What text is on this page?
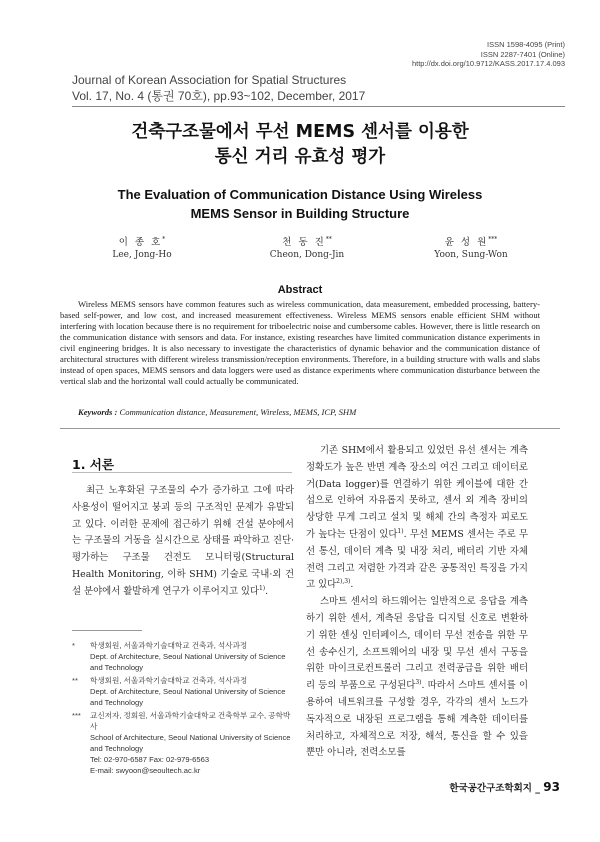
ISSN 1598-4095 (Print)
ISSN 2287-7401 (Online)
http://dx.doi.org/10.9712/KASS.2017.17.4.093
Journal of Korean Association for Spatial Structures
Vol. 17, No. 4 (통권 70호), pp.93~102, December, 2017
건축구조물에서 무선 MEMS 센서를 이용한
통신 거리 유효성 평가
The Evaluation of Communication Distance Using Wireless
MEMS Sensor in Building Structure
이 종 호*
Lee, Jong-Ho
천 동 진**
Cheon, Dong-Jin
윤 성 원***
Yoon, Sung-Won
Abstract
Wireless MEMS sensors have common features such as wireless communication, data measurement, embedded processing, battery-based self-power, and low cost, and increased measurement effectiveness. Wireless MEMS sensors enable efficient SHM without interfering with location because there is no requirement for triboelectric noise and cumbersome cables. However, there is little research on the communication distance with sensors and data. For instance, existing researches have limited communication distance experiments in civil engineering bridges. It is also necessary to investigate the characteristics of dynamic behavior and the communication distance of architectural structures with different wireless transmission/reception environments. Therefore, in a building structure with walls and slabs instead of open spaces, MEMS sensors and data loggers were used as distance experiments where communication disturbance between the vertical slab and the horizontal wall could actually be communicated.
Keywords : Communication distance, Measurement, Wireless, MEMS, ICP, SHM
1. 서론

최근 노후화된 구조물의 수가 증가하고 그에 따라 사용성이 떨어지고 붕괴 등의 구조적인 문제가 유발되고 있다. 이러한 문제에 접근하기 위해 건설 분야에서는 구조물의 거동을 실시간으로 상태를 파악하고 진단·평가하는 구조물 건전도 모니터링(Structural Health Monitoring, 이하 SHM) 기술로 국내·외 건설 분야에서 활발하게 연구가 이루어지고 있다$^{1)}$.

* 학생회원, 서울과학기술대학교 건축과, 석사과정
Dept. of Architecture, Seoul National University of Science and Technology
** 학생회원, 서울과학기술대학교 건축과, 석사과정
Dept. of Architecture, Seoul National University of Science and Technology
*** 교신저자, 정회원, 서울과학기술대학교 건축학부 교수, 공학박사
School of Architecture, Seoul National University of Science and Technology
Tel: 02-970-6587 Fax: 02-979-6563
E-mail: swyoon@seoultech.ac.kr

기존 SHM에서 활용되고 있었던 유선 센서는 계측 정확도가 높은 반면 계측 장소의 여건 그리고 데이터로거(Data logger)를 연결하기 위한 케이블에 대한 간섭으로 인하여 자유롭지 못하고, 센서 외 계측 장비의 상당한 무게 그리고 설치 및 해체 간의 측정자 피로도가 높다는 단점이 있다$^{1)}$. 무선 MEMS 센서는 주로 무선 통신, 데이터 계측 및 내장 처리, 배터리 기반 자체 전력 그리고 저렴한 가격과 같은 공통적인 특징을 가지고 있다$^{2),3)}$.

스마트 센서의 하드웨어는 일반적으로 응답을 계측하기 위한 센서, 계측된 응답을 디지털 신호로 변환하기 위한 센싱 인터페이스, 데이터 무선 전송을 위한 무선 송수신기, 소프트웨어의 내장 및 무선 센서 구동을 위한 마이크로컨트롤러 그리고 전력공급을 위한 배터리 등의 부품으로 구성된다$^{3)}$. 따라서 스마트 센서를 이용하여 네트워크를 구성할 경우, 각각의 센서 노드가 독자적으로 내장된 프로그램을 통해 계측한 데이터를 처리하고, 자체적으로 저장, 해석, 통신을 할 수 있을 뿐만 아니라, 전력소모를

한국공간구조학회지 _ 93
